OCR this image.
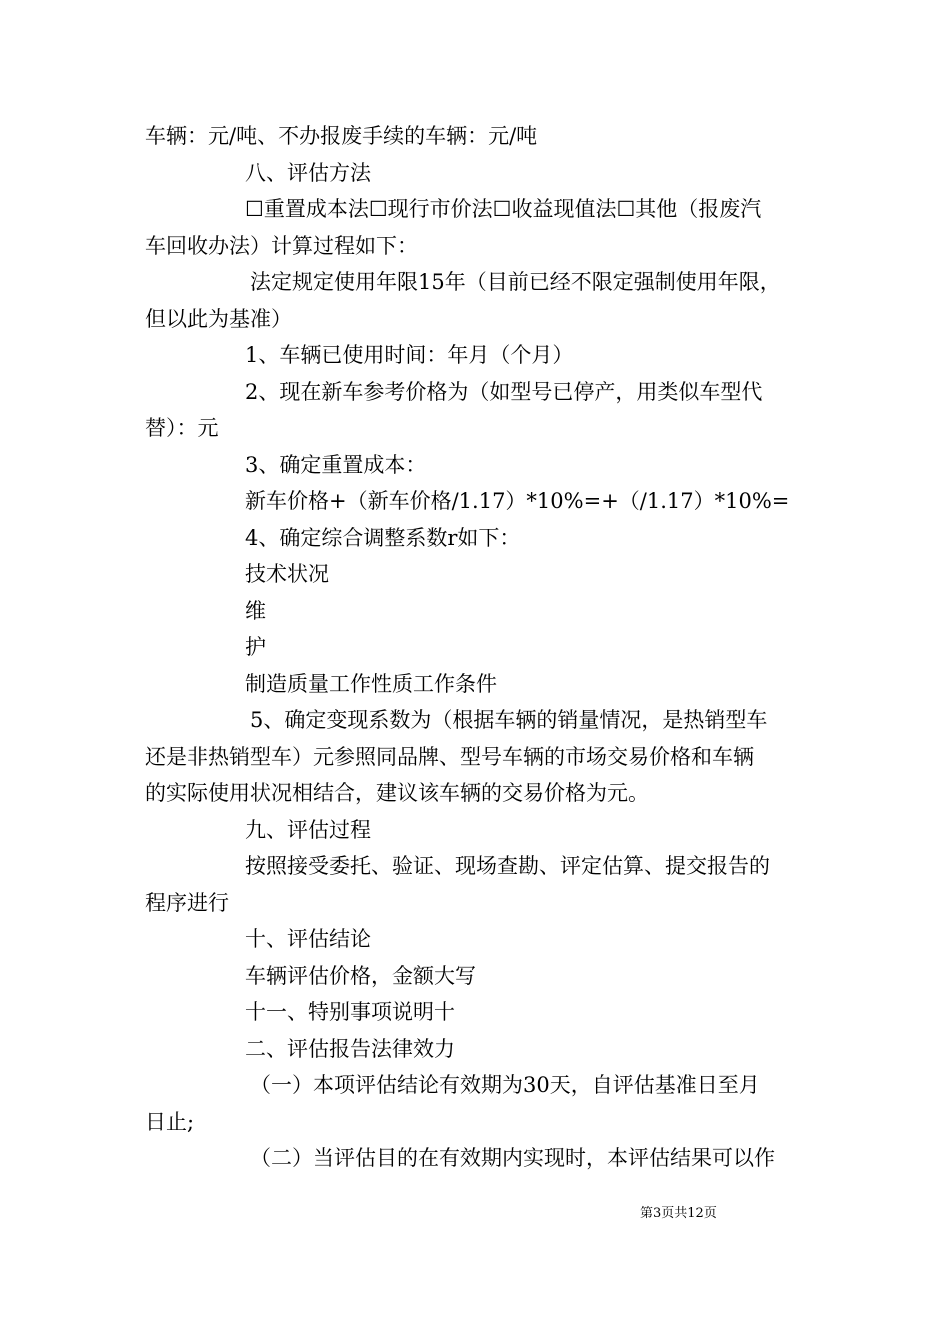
车辆：元/吨、不办报废手续的车辆：元/吨

八、评估方法

☐重置成本法☐现行市价法☐收益现值法☐其他（报废汽

车回收办法）计算过程如下：

法定规定使用年限15年（目前已经不限定强制使用年限，

但以此为基准）

1、车辆已使用时间：年月（个月）

2、现在新车参考价格为（如型号已停产，用类似车型代

替）：元

3、确定重置成本：

新车价格+（新车价格/1.17）*10%=+（/1.17）*10%=

4、确定综合调整系数r如下：

技术状况

维

护

制造质量工作性质工作条件

5、确定变现系数为（根据车辆的销量情况，是热销型车

还是非热销型车）元参照同品牌、型号车辆的市场交易价格和车辆

的实际使用状况相结合，建议该车辆的交易价格为元。

九、评估过程

按照接受委托、验证、现场查勘、评定估算、提交报告的

程序进行

十、评估结论

车辆评估价格，金额大写

十一、特别事项说明十

二、评估报告法律效力

（一）本项评估结论有效期为30天，自评估基准日至月

日止;

（二）当评估目的在有效期内实现时，本评估结果可以作

第3页共12页
